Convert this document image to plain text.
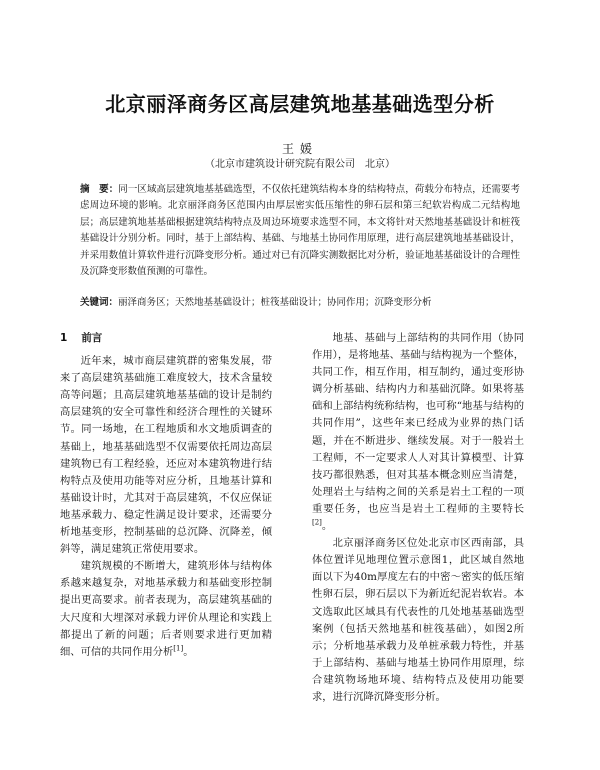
北京丽泽商务区高层建筑地基基础选型分析
王媛
（北京市建筑设计研究院有限公司　北京）
摘　要：同一区域高层建筑地基基础选型，不仅依托建筑结构本身的结构特点，荷载分布特点，还需要考虑周边环境的影响。北京丽泽商务区范围内由厚层密实低压缩性的卵石层和第三纪软岩构成二元结构地层；高层建筑地基基础根据建筑结构特点及周边环境要求选型不同，本文将针对天然地基基础设计和桩筏基础设计分别分析。同时，基于上部结构、基础、与地基土协同作用原理，进行高层建筑地基基础设计，并采用数值计算软件进行沉降变形分析。通过对已有沉降实测数据比对分析，验证地基基础设计的合理性及沉降变形数值预测的可靠性。
关键词：丽泽商务区；天然地基基础设计；桩筏基础设计；协同作用；沉降变形分析
1 前言

近年来，城市商层建筑群的密集发展，带来了高层建筑基础施工难度较大，技术含量较高等问题；且高层建筑地基基础的设计是制约高层建筑的安全可靠性和经济合理性的关键环节。同一场地，在工程地质和水文地质调查的基础上，地基基础选型不仅需要依托周边高层建筑物已有工程经验，还应对本建筑物进行结构特点及使用功能等对应分析，且地基计算和基础设计时，尤其对于高层建筑，不仅应保证地基承载力、稳定性满足设计要求，还需要分析地基变形，控制基础的总沉降、沉降差，倾斜等，满足建筑正常使用要求。

建筑规模的不断增大，建筑形体与结构体系越来越复杂，对地基承载力和基础变形控制提出更高要求。前者表现为，高层建筑基础的大尺度和大埋深对承载力评价从理论和实践上都提出了新的问题；后者则要求进行更加精细、可信的共同作用分析[1]。

地基、基础与上部结构的共同作用（协同作用），是将地基、基础与结构视为一个整体，共同工作，相互作用，相互制约，通过变形协调分析基础、结构内力和基础沉降。如果将基础和上部结构统称结构，也可称“地基与结构的共同作用”，这些年来已经成为业界的热门话题，并在不断进步、继续发展。对于一般岩土工程师，不一定要求人人对其计算模型、计算技巧都很熟悉，但对其基本概念则应当清楚，处理岩土与结构之间的关系是岩土工程的一项重要任务，也应当是岩土工程师的主要特长[2]。

北京丽泽商务区位处北京市区西南部，具体位置详见地理位置示意图1，此区域自然地面以下为40m厚度左右的中密～密实的低压缩性卵石层，卵石层以下为新近纪泥岩软岩。本文选取此区域具有代表性的几处地基基础选型案例（包括天然地基和桩筏基础），如图2所示；分析地基承载力及单桩承载力特性，并基于上部结构、基础与地基土协同作用原理，综合建筑物场地环境、结构特点及使用功能要求，进行沉降沉降变形分析。
